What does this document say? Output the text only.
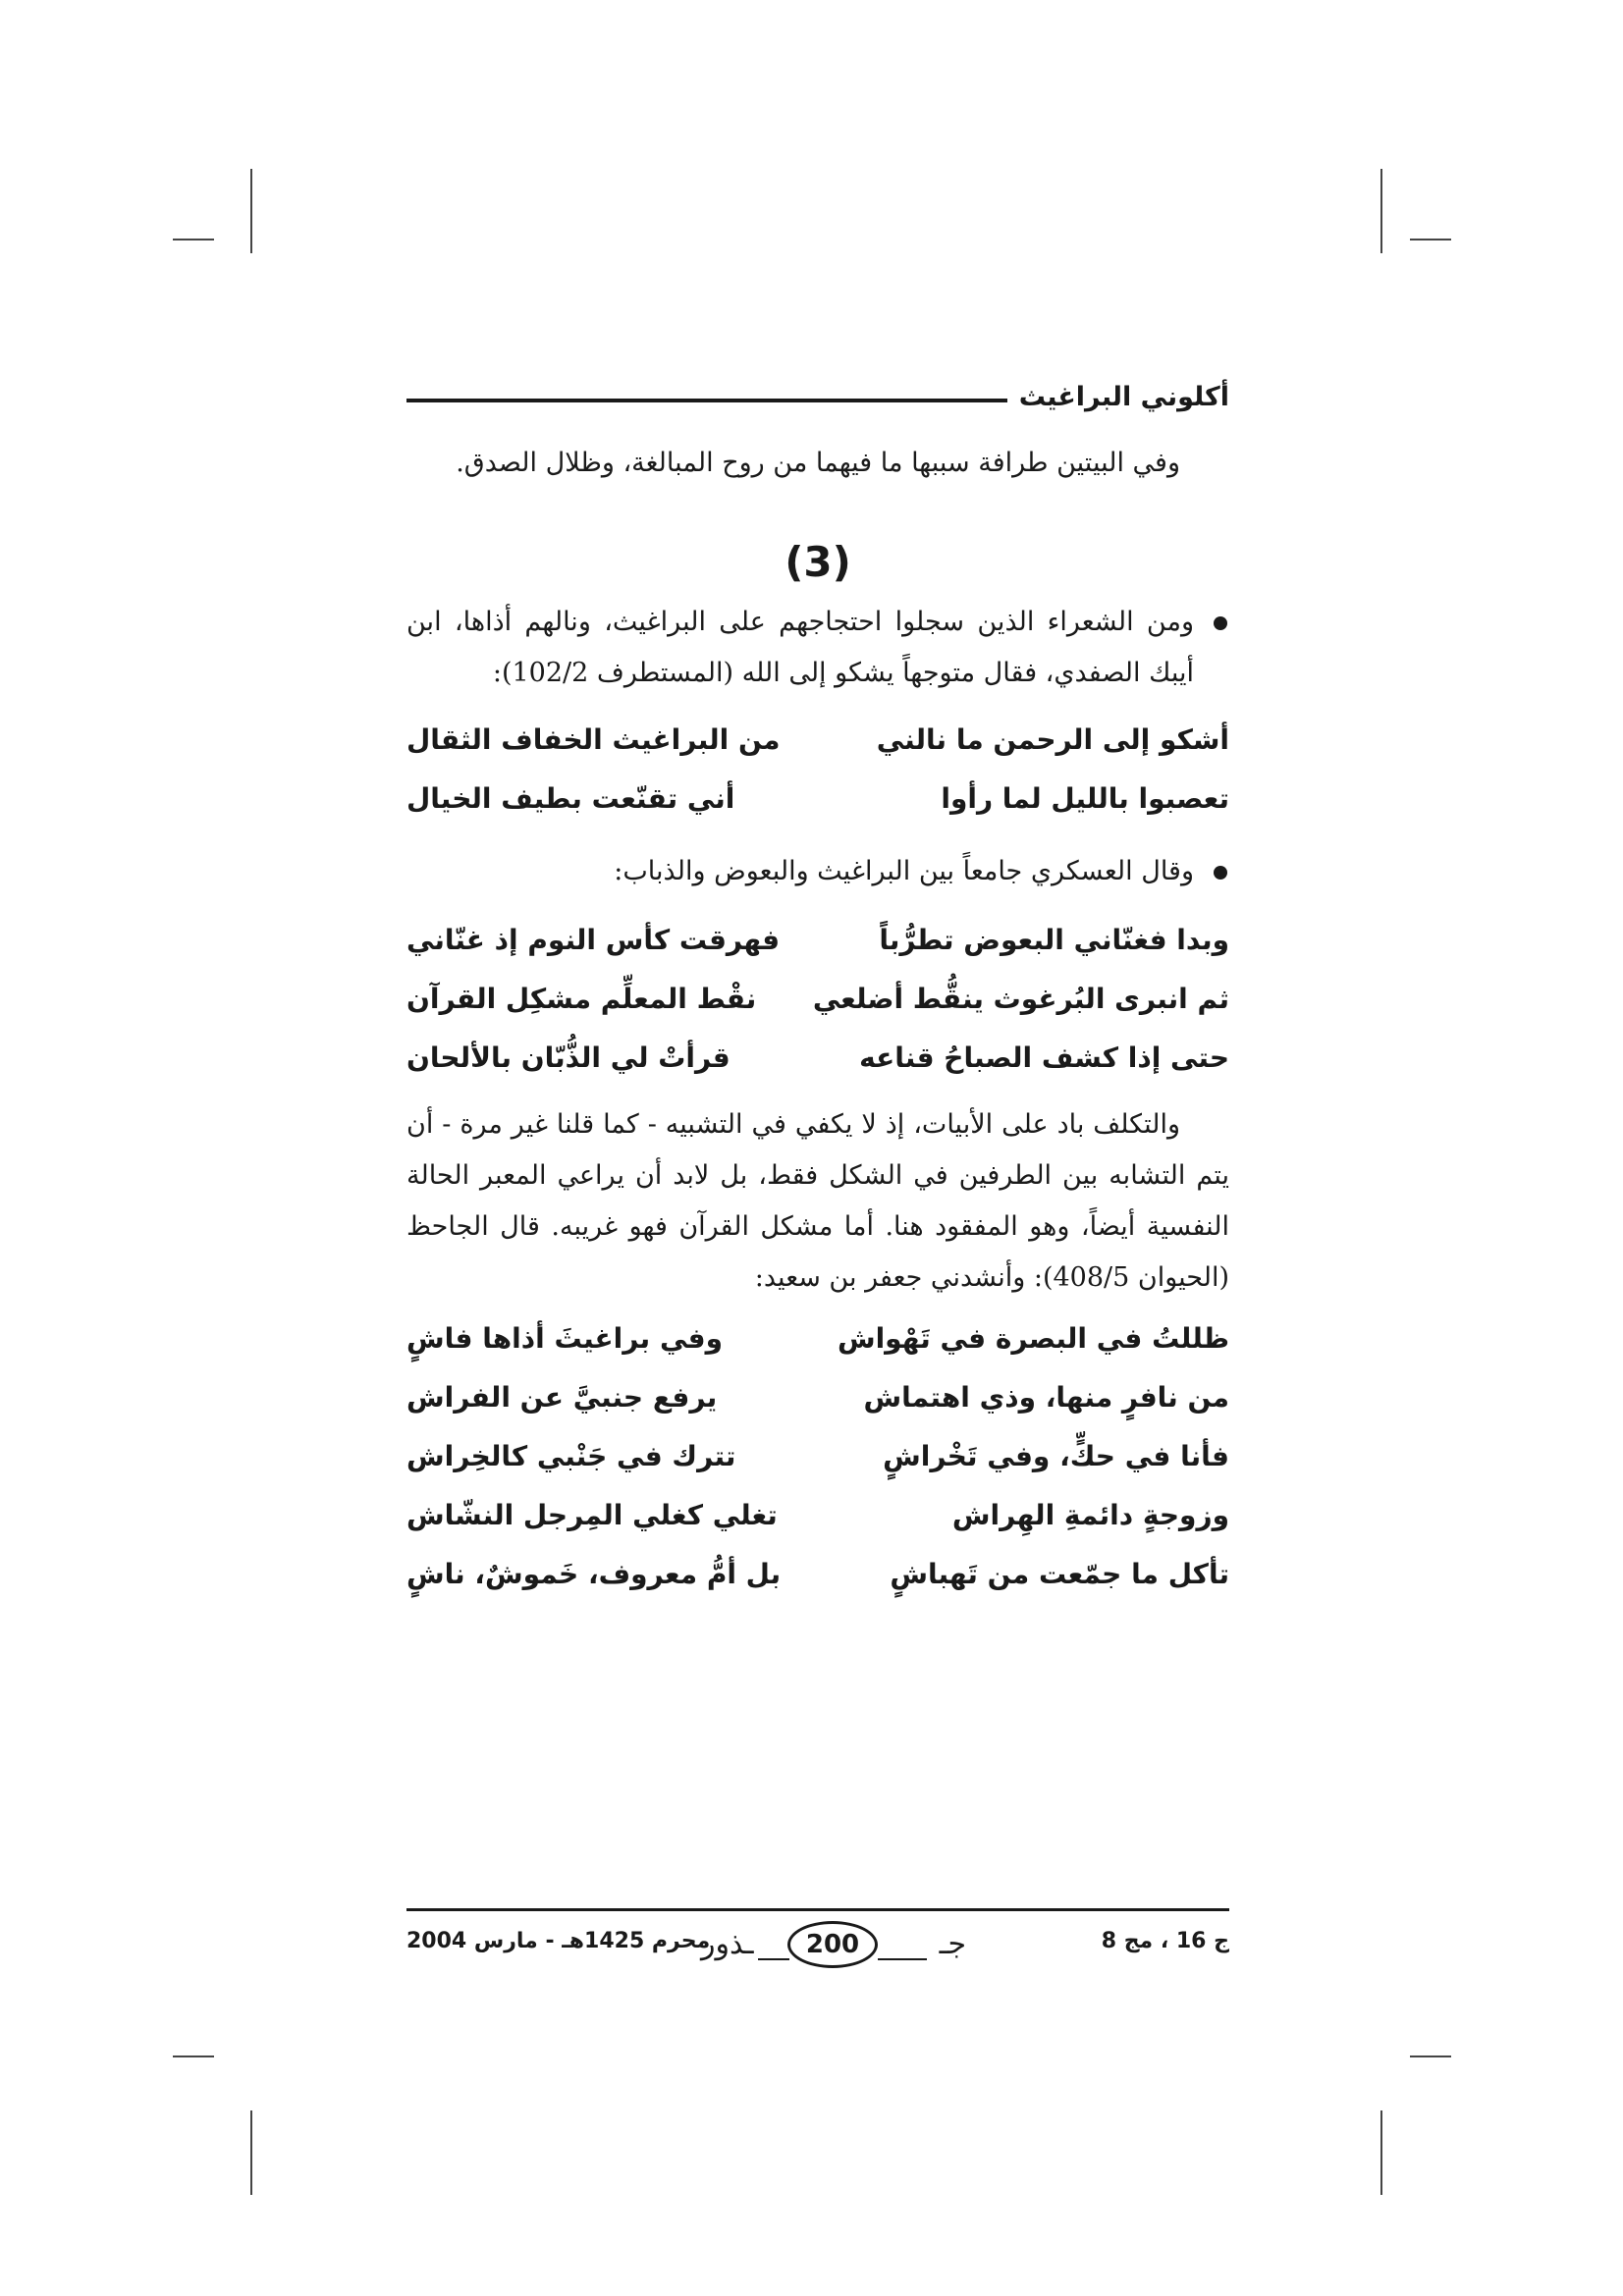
أكلوني البراغيث

وفي البيتين طرافة سببها ما فيهما من روح المبالغة، وظلال الصدق.

(3)
ومن الشعراء الذين سجلوا احتجاجهم على البراغيث، ونالهم أذاها، ابن أيبك الصفدي، فقال متوجهاً يشكو إلى الله (المستطرف 102/2):
أشكو إلى الرحمن ما نالني
من البراغيث الخفاف الثقال
تعصبوا بالليل لما رأوا
أني تقنّعت بطيف الخيال
وقال العسكري جامعاً بين البراغيث والبعوض والذباب:
وبدا فغنّاني البعوض تطرُّباً
فهرقت كأس النوم إذ غنّاني
ثم انبرى البُرغوث ينقُّط أضلعي
نقْط المعلِّم مشكِل القرآن
حتى إذا كشف الصباحُ قناعه
قرأتْ لي الذُّبّان بالألحان

والتكلف باد على الأبيات، إذ لا يكفي في التشبيه - كما قلنا غير مرة - أن يتم التشابه بين الطرفين في الشكل فقط، بل لابد أن يراعي المعبر الحالة النفسية أيضاً، وهو المفقود هنا. أما مشكل القرآن فهو غريبه. قال الجاحظ (الحيوان 408/5): وأنشدني جعفر بن سعيد:

ظللتُ في البصرة في تَهْواش
وفي براغيثَ أذاها فاشٍ
من نافرٍ منها، وذي اهتماش
يرفع جنبيَّ عن الفراش
فأنا في حكٍّ، وفي تَخْراشٍ
تترك في جَنْبي كالخِراش
وزوجةٍ دائمةِ الهِراش
تغلي كغلي المِرجل النشّاش
تأكل ما جمّعت من تَهباشٍ
بل أمُّ معروف، خَموشٌ، ناشٍ
ج 16 ، مج 8
جـ
200
ـذور
محرم 1425هـ - مارس 2004
